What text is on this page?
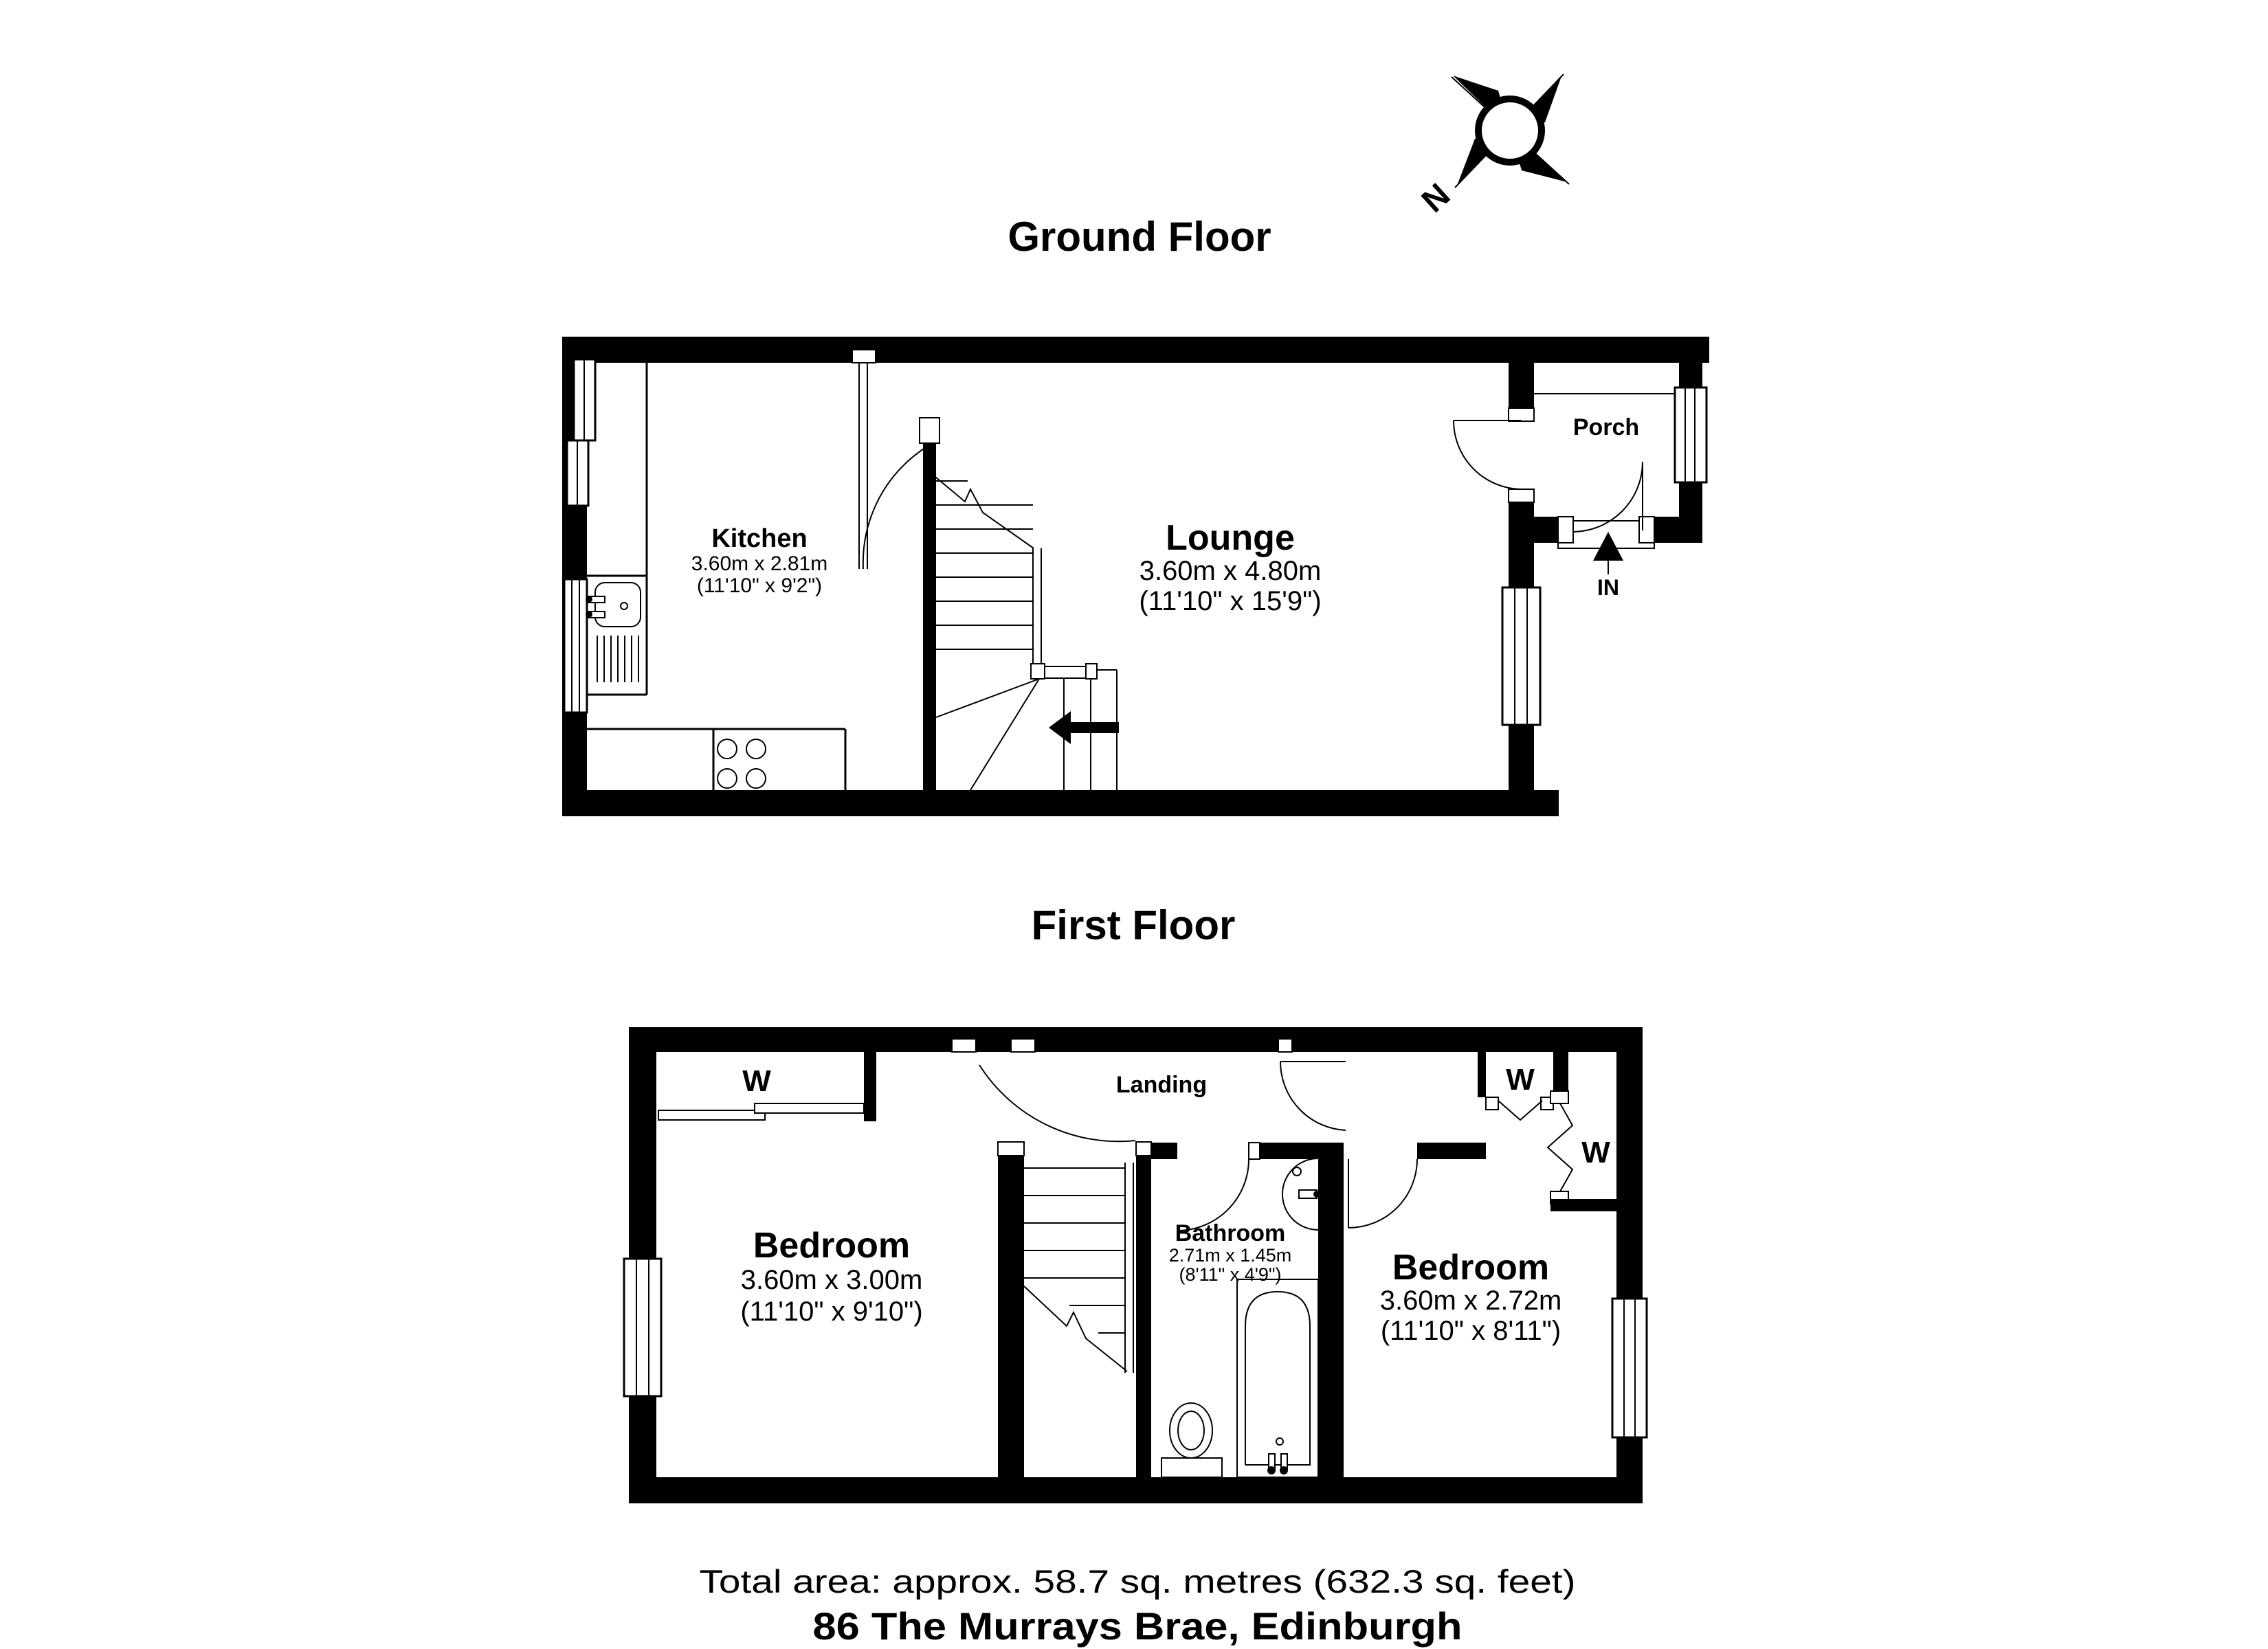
N
Ground Floor
Kitchen
3.60m x 2.81m
(11'10" x 9'2")
Lounge
3.60m x 4.80m
(11'10" x 15'9")
Porch
IN
First Floor
Landing
W	W
W
Bedroom
3.60m x 3.00m
(11'10" x 9'10")
Bathroom
2.71m x 1.45m
(8'11" x 4'9")	Bedroom
3.60m x 2.72m
(11'10" x 8'11")
Total area: approx. 58.7 sq. metres (632.3 sq. feet)
86 The Murrays Brae, Edinburgh
